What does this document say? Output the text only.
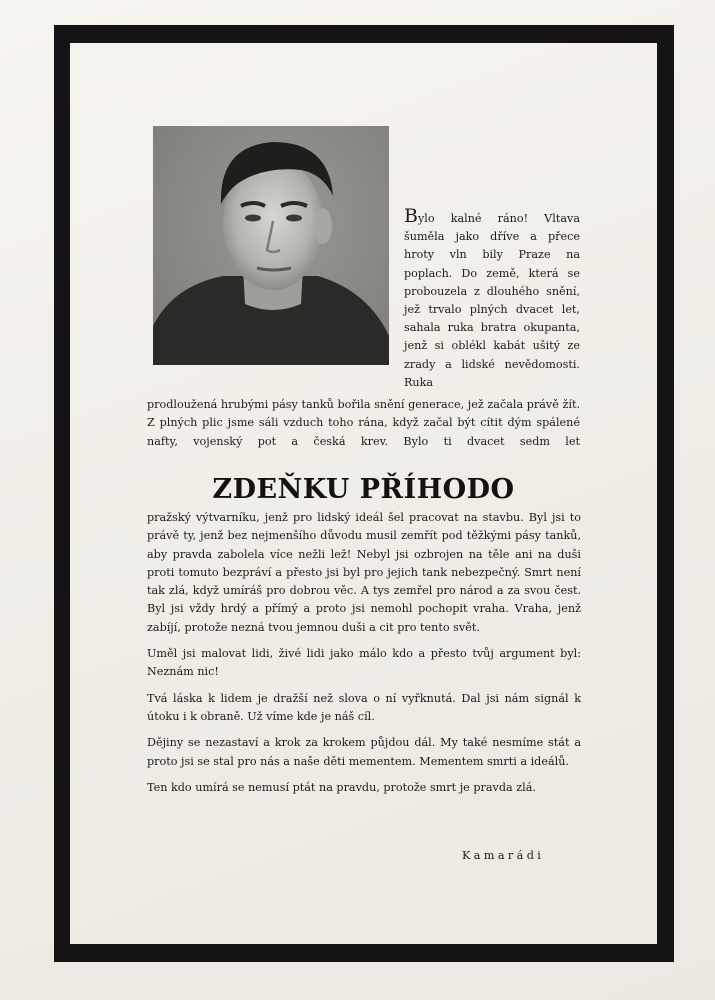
Bylo kalné ráno! Vltava šuměla jako dříve a přece hroty vln bily Praze na poplach. Do země, která se probouzela z dlouhého snění, jež trvalo plných dvacet let, sahala ruka bratra okupanta, jenž si oblékl kabát ušitý ze zrady a lidské nevědomosti. Ruka
prodloužená hrubými pásy tanků bořila snění generace, jež začala právě žít. Z plných plic jsme sáli vzduch toho rána, když začal být cítit dým spálené nafty, vojenský pot a česká krev. Bylo ti dvacet sedm let
ZDEŇKU PŘÍHODO

pražský výtvarníku, jenž pro lidský ideál šel pracovat na stavbu. Byl jsi to právě ty, jenž bez nejmenšího důvodu musil zemřít pod těžkými pásy tanků, aby pravda zabolela více nežli lež! Nebyl jsi ozbrojen na těle ani na duši proti tomuto bezpráví a přesto jsi byl pro jejich tank nebezpečný. Smrt není tak zlá, když umíráš pro dobrou věc. A tys zemřel pro národ a za svou čest. Byl jsi vždy hrdý a přímý a proto jsi nemohl pochopit vraha. Vraha, jenž zabíjí, protože nezná tvou jemnou duši a cit pro tento svět.

Uměl jsi malovat lidi, živé lidi jako málo kdo a přesto tvůj argument byl: Neznám nic!

Tvá láska k lidem je dražší než slova o ní vyřknutá. Dal jsi nám signál k útoku i k obraně. Už víme kde je náš cíl.

Dějiny se nezastaví a krok za krokem půjdou dál. My také nesmíme stát a proto jsi se stal pro nás a naše děti mementem. Mementem smrti a ideálů.

Ten kdo umírá se nemusí ptát na pravdu, protože smrt je pravda zlá.

Kamarádi
